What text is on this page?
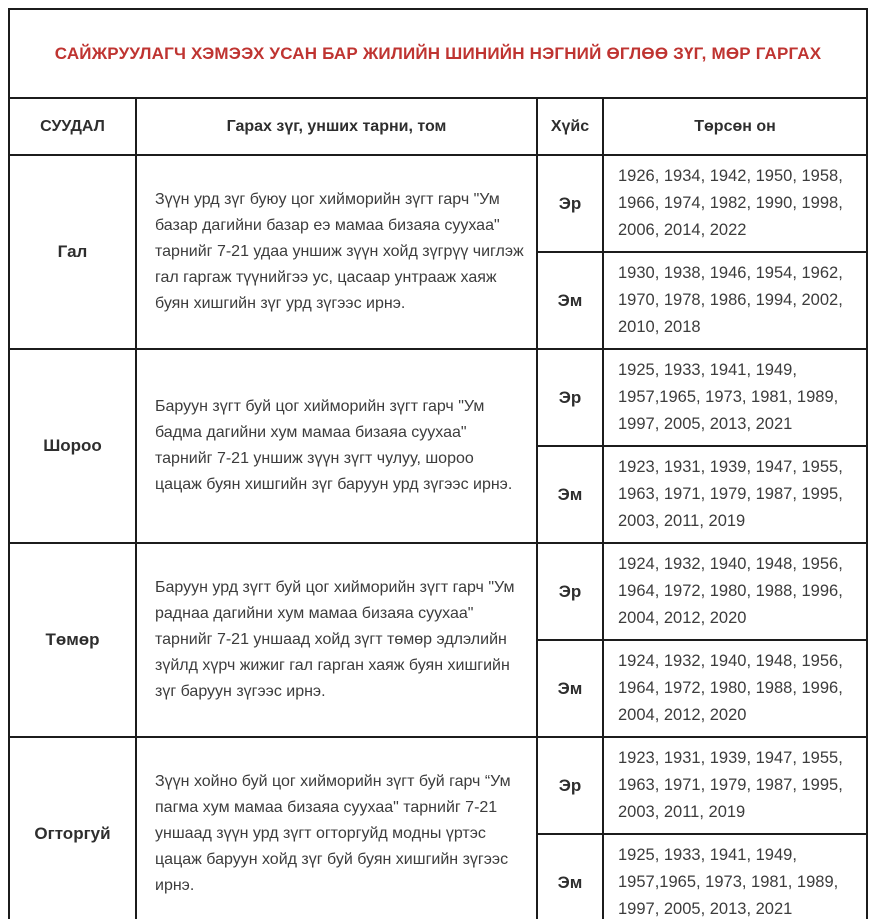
САЙЖРУУЛАГЧ ХЭМЭЭХ УСАН БАР ЖИЛИЙН ШИНИЙН НЭГНИЙ ӨГЛӨӨ ЗҮГ, МӨР ГАРГАХ			
СУУДАЛ	Гарах зүг, унших тарни, том	Хүйс	Төрсөн он
Гал	Зүүн урд зүг буюу цог хийморийн зүгт гарч "Ум базар дагийни базар еэ мамаа бизаяа суухаа" тарнийг 7-21 удаа уншиж зүүн хойд зүгрүү чиглэж гал гаргаж түүнийгээ ус, цасаар унтрааж хаяж буян хишгийн зүг урд зүгээс ирнэ.	Эр	1926, 1934, 1942, 1950, 1958, 1966, 1974, 1982, 1990, 1998, 2006, 2014, 2022
		Эм	1930, 1938, 1946, 1954, 1962, 1970, 1978, 1986, 1994, 2002, 2010, 2018
Шороо	Баруун зүгт буй цог хийморийн зүгт гарч "Ум бадма дагийни хум мамаа бизаяа суухаа" тарнийг 7-21 уншиж зүүн зүгт чулуу, шороо цацаж буян хишгийн зүг баруун урд зүгээс ирнэ.	Эр	1925, 1933, 1941, 1949, 1957,1965, 1973, 1981, 1989, 1997, 2005, 2013, 2021
		Эм	1923, 1931, 1939, 1947, 1955, 1963, 1971, 1979, 1987, 1995, 2003, 2011, 2019
Төмөр	Баруун урд зүгт буй цог хийморийн зүгт гарч "Ум раднаа дагийни хум мамаа бизаяа суухаа" тарнийг 7-21 уншаад хойд зүгт төмөр эдлэлийн зүйлд хүрч жижиг гал гарган хаяж буян хишгийн зүг баруун зүгээс ирнэ.	Эр	1924, 1932, 1940, 1948, 1956, 1964, 1972, 1980, 1988, 1996, 2004, 2012, 2020
		Эм	1924, 1932, 1940, 1948, 1956, 1964, 1972, 1980, 1988, 1996, 2004, 2012, 2020
Огторгуй	Зүүн хойно буй цог хийморийн зүгт буй гарч “Ум пагма хум мамаа бизаяа суухаа" тарнийг 7-21 уншаад зүүн урд зүгт огторгуйд модны үртэс цацаж баруун хойд зүг буй буян хишгийн зүгээс ирнэ.	Эр	1923, 1931, 1939, 1947, 1955, 1963, 1971, 1979, 1987, 1995, 2003, 2011, 2019
		Эм	1925, 1933, 1941, 1949, 1957,1965, 1973, 1981, 1989, 1997, 2005, 2013, 2021
